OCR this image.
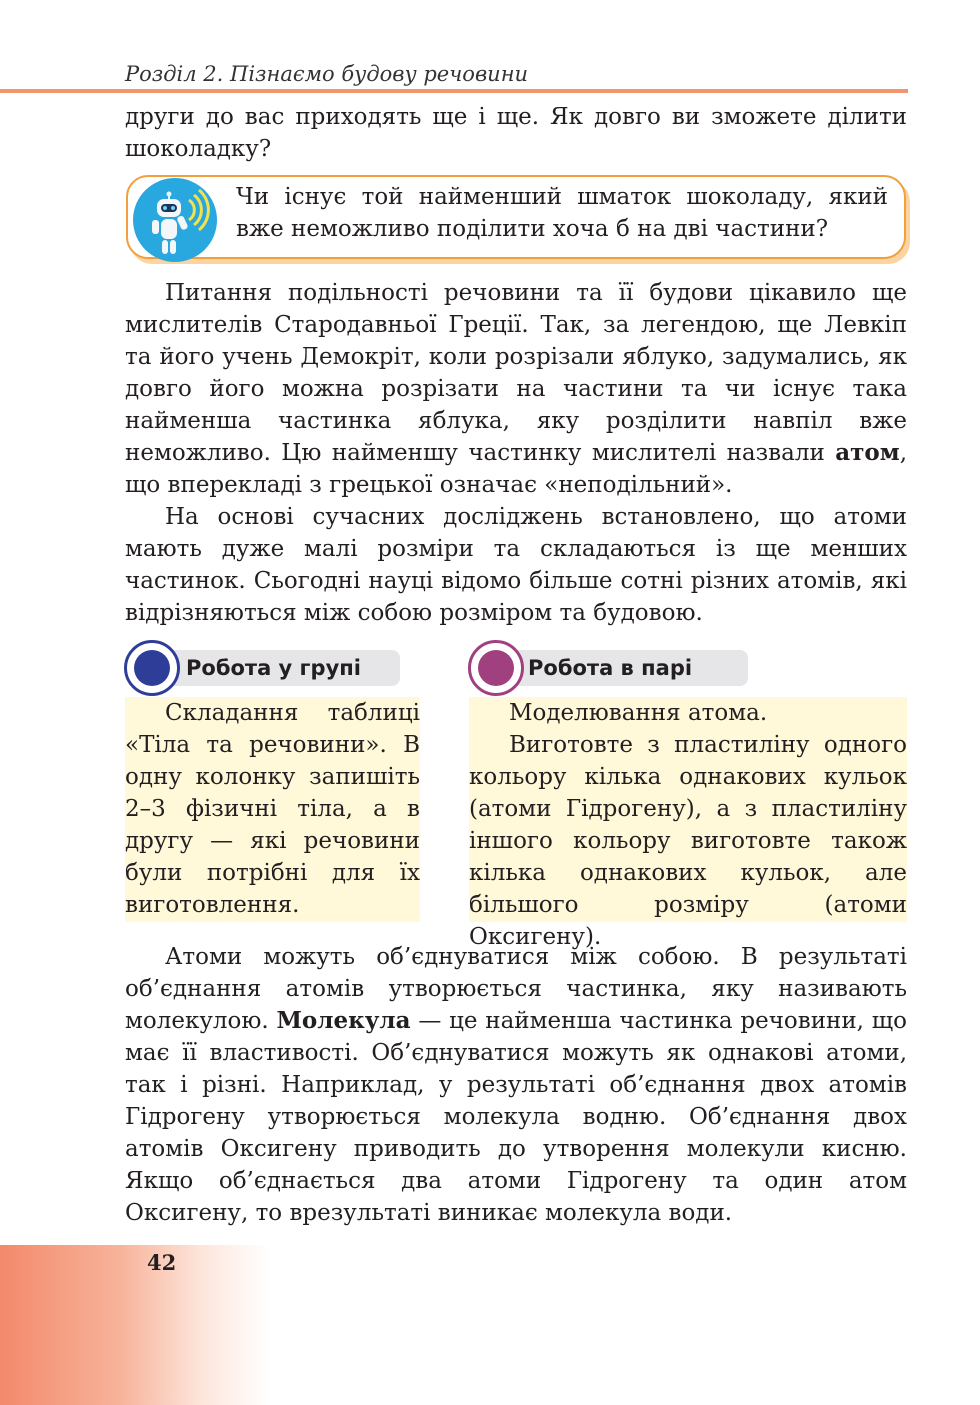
Розділ 2. Пізнаємо будову речовини
други до вас приходять ще і ще. Як довго ви зможете ділити шоколадку?
Чи існує той найменший шматок шоколаду, який вже неможливо поділити хоча б на дві частини?
Питання подільності речовини та її будови цікавило ще мислителів Стародавньої Греції. Так, за легендою, ще Левкіп та його учень Демокріт, коли розрізали яблуко, задумались, як довго його можна розрізати на частини та чи існує така найменша частинка яблука, яку розділити навпіл вже неможливо. Цю найменшу частинку мислителі назвали атом, що вперекладі з грецької означає «неподільний».
На основі сучасних досліджень встановлено, що атоми мають дуже малі розміри та складаються із ще менших частинок. Сьогодні науці відомо більше сотні різних атомів, які відрізняються між собою розміром та будовою.
Робота у групі

Складання таблиці «Тіла та речовини». В одну колонку запишіть 2–3 фізичні тіла, а в другу — які речовини були потрібні для їх виготовлення.

Робота в парі

Моделювання атома.

Виготовте з пластиліну одного кольору кілька однакових кульок (атоми Гідрогену), а з пластиліну іншого кольору виготовте також кілька однакових кульок, але більшого розміру (атоми Оксигену).

Атоми можуть об’єднуватися між собою. В результаті об’єднання атомів утворюється частинка, яку називають молекулою. Молекула — це найменша частинка речовини, що має її властивості. Об’єднуватися можуть як однакові атоми, так і різні. Наприклад, у результаті об’єднання двох атомів Гідрогену утворюється молекула водню. Об’єднання двох атомів Оксигену приводить до утворення молекули кисню. Якщо об’єднається два атоми Гідрогену та один атом Оксигену, то врезультаті виникає молекула води.
42
